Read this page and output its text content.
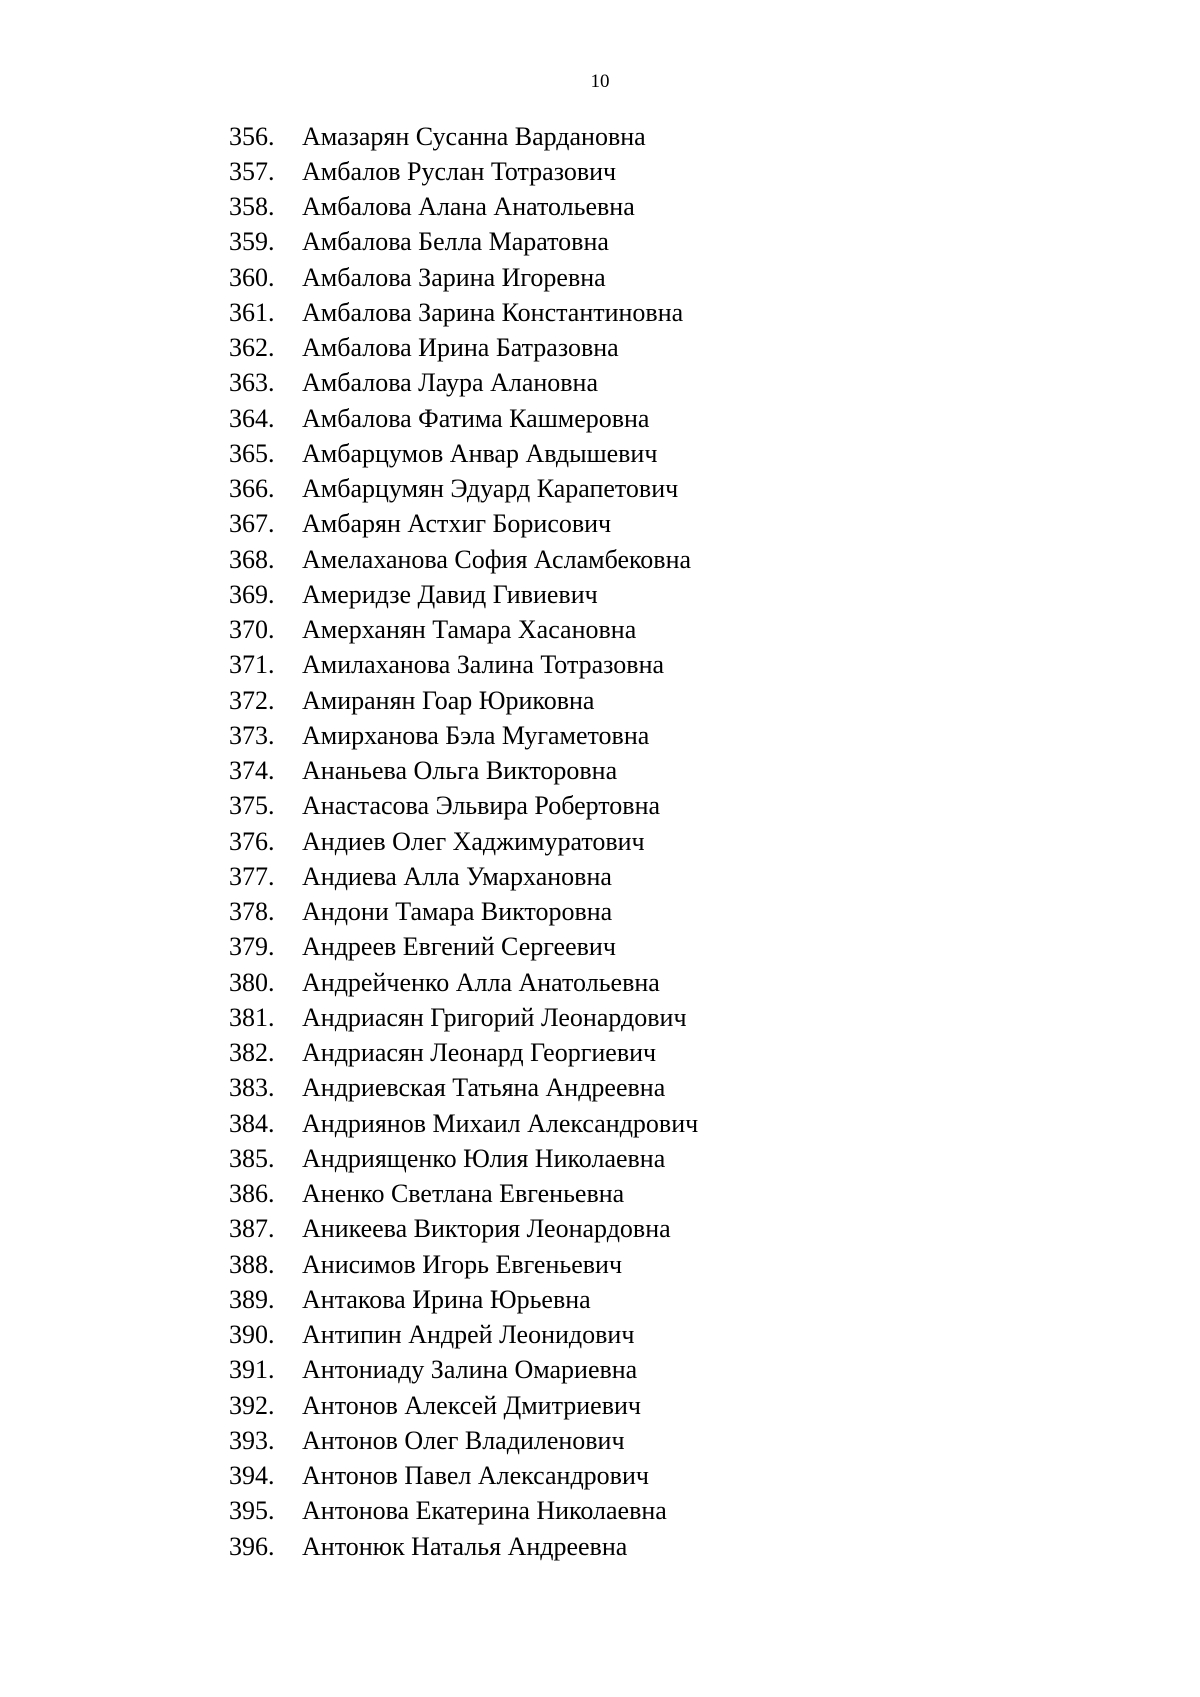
10
356.	Амазарян Сусанна Вардановна
357.	Амбалов Руслан Тотразович
358.	Амбалова Алана Анатольевна
359.	Амбалова Белла Маратовна
360.	Амбалова Зарина Игоревна
361.	Амбалова Зарина Константиновна
362.	Амбалова Ирина Батразовна
363.	Амбалова Лаура Алановна
364.	Амбалова Фатима Кашмеровна
365.	Амбарцумов Анвар Авдышевич
366.	Амбарцумян Эдуард Карапетович
367.	Амбарян Астхиг Борисович
368.	Амелаханова София Асламбековна
369.	Америдзе Давид Гивиевич
370.	Амерханян Тамара Хасановна
371.	Амилаханова Залина Тотразовна
372.	Амиранян Гоар Юриковна
373.	Амирханова Бэла Мугаметовна
374.	Ананьева Ольга Викторовна
375.	Анастасова Эльвира Робертовна
376.	Андиев Олег Хаджимуратович
377.	Андиева Алла Умархановна
378.	Андони Тамара Викторовна
379.	Андреев Евгений Сергеевич
380.	Андрейченко Алла Анатольевна
381.	Андриасян Григорий Леонардович
382.	Андриасян Леонард Георгиевич
383.	Андриевская Татьяна Андреевна
384.	Андриянов Михаил Александрович
385.	Андриященко Юлия Николаевна
386.	Аненко Светлана Евгеньевна
387.	Аникеева Виктория Леонардовна
388.	Анисимов Игорь Евгеньевич
389.	Антакова Ирина Юрьевна
390.	Антипин Андрей Леонидович
391.	Антониаду Залина Омариевна
392.	Антонов Алексей Дмитриевич
393.	Антонов Олег Владиленович
394.	Антонов Павел Александрович
395.	Антонова Екатерина Николаевна
396.	Антонюк Наталья Андреевна
